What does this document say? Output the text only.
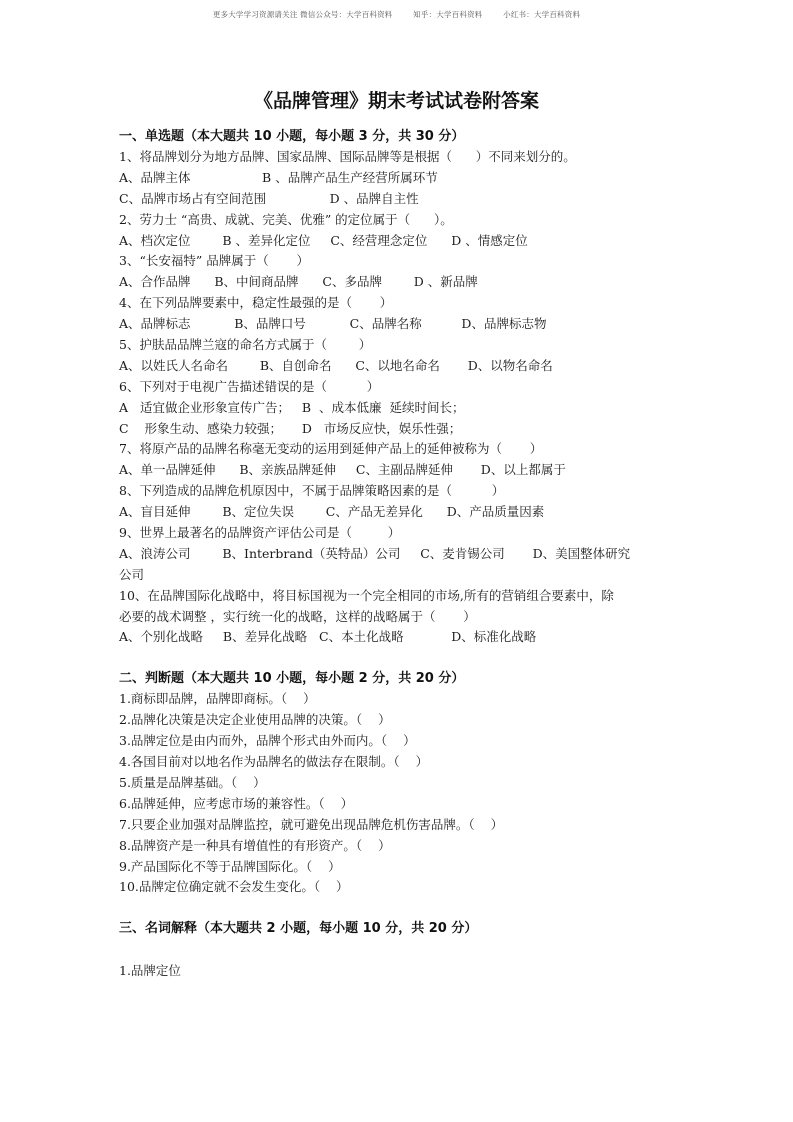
更多大学学习资源请关注 微信公众号：大学百科资料        知乎：大学百科资料        小红书：大学百科资料
《品牌管理》期末考试试卷附答案
一、单选题（本大题共 10 小题，每小题 3 分，共 30 分）
1、将品牌划分为地方品牌、国家品牌、国际品牌等是根据（      ）不同来划分的。
A、品牌主体                  B 、品牌产品生产经营所属环节
C、品牌市场占有空间范围                D 、品牌自主性
2、劳力士 “高贵、成就、完美、优雅” 的定位属于（      ）。
A、档次定位        B 、差异化定位     C、经营理念定位      D 、情感定位
3、“长安福特” 品牌属于（       ）
A、合作品牌      B、中间商品牌      C、多品牌        D 、新品牌
4、在下列品牌要素中，稳定性最强的是（       ）
A、品牌标志           B、品牌口号           C、品牌名称          D、品牌标志物
5、护肤品品牌兰寇的命名方式属于（        ）
A、以姓氏人名命名        B、自创命名      C、以地名命名       D、以物名命名
6、下列对于电视广告描述错误的是（          ）
A   适宜做企业形象宣传广告；   B  、成本低廉  延续时间长；
C    形象生动、感染力较强；     D   市场反应快，娱乐性强；
7、将原产品的品牌名称毫无变动的运用到延伸产品上的延伸被称为（       ）
A、单一品牌延伸      B、亲族品牌延伸     C、主副品牌延伸       D、以上都属于
8、下列造成的品牌危机原因中，不属于品牌策略因素的是（          ）
A、盲目延伸        B、定位失误        C、产品无差异化      D、产品质量因素
9、世界上最著名的品牌资产评估公司是（         ）
A、浪涛公司        B、Interbrand（英特品）公司     C、麦肯锡公司       D、美国整体研究
公司
10、在品牌国际化战略中，将目标国视为一个完全相同的市场,所有的营销组合要素中，除
必要的战术调整 ，实行统一化的战略，这样的战略属于（       ）
A、个别化战略     B、差异化战略   C、本土化战略            D、标准化战略
二、判断题（本大题共 10 小题，每小题 2 分，共 20 分）
1.商标即品牌，品牌即商标。（    ）
2.品牌化决策是决定企业使用品牌的决策。（    ）
3.品牌定位是由内而外，品牌个形式由外而内。（    ）
4.各国目前对以地名作为品牌名的做法存在限制。（    ）
5.质量是品牌基础。（    ）
6.品牌延伸，应考虑市场的兼容性。（    ）
7.只要企业加强对品牌监控，就可避免出现品牌危机伤害品牌。（    ）
8.品牌资产是一种具有增值性的有形资产。（    ）
9.产品国际化不等于品牌国际化。（    ）
10.品牌定位确定就不会发生变化。（    ）
三、名词解释（本大题共 2 小题，每小题 10 分，共 20 分）
1.品牌定位
